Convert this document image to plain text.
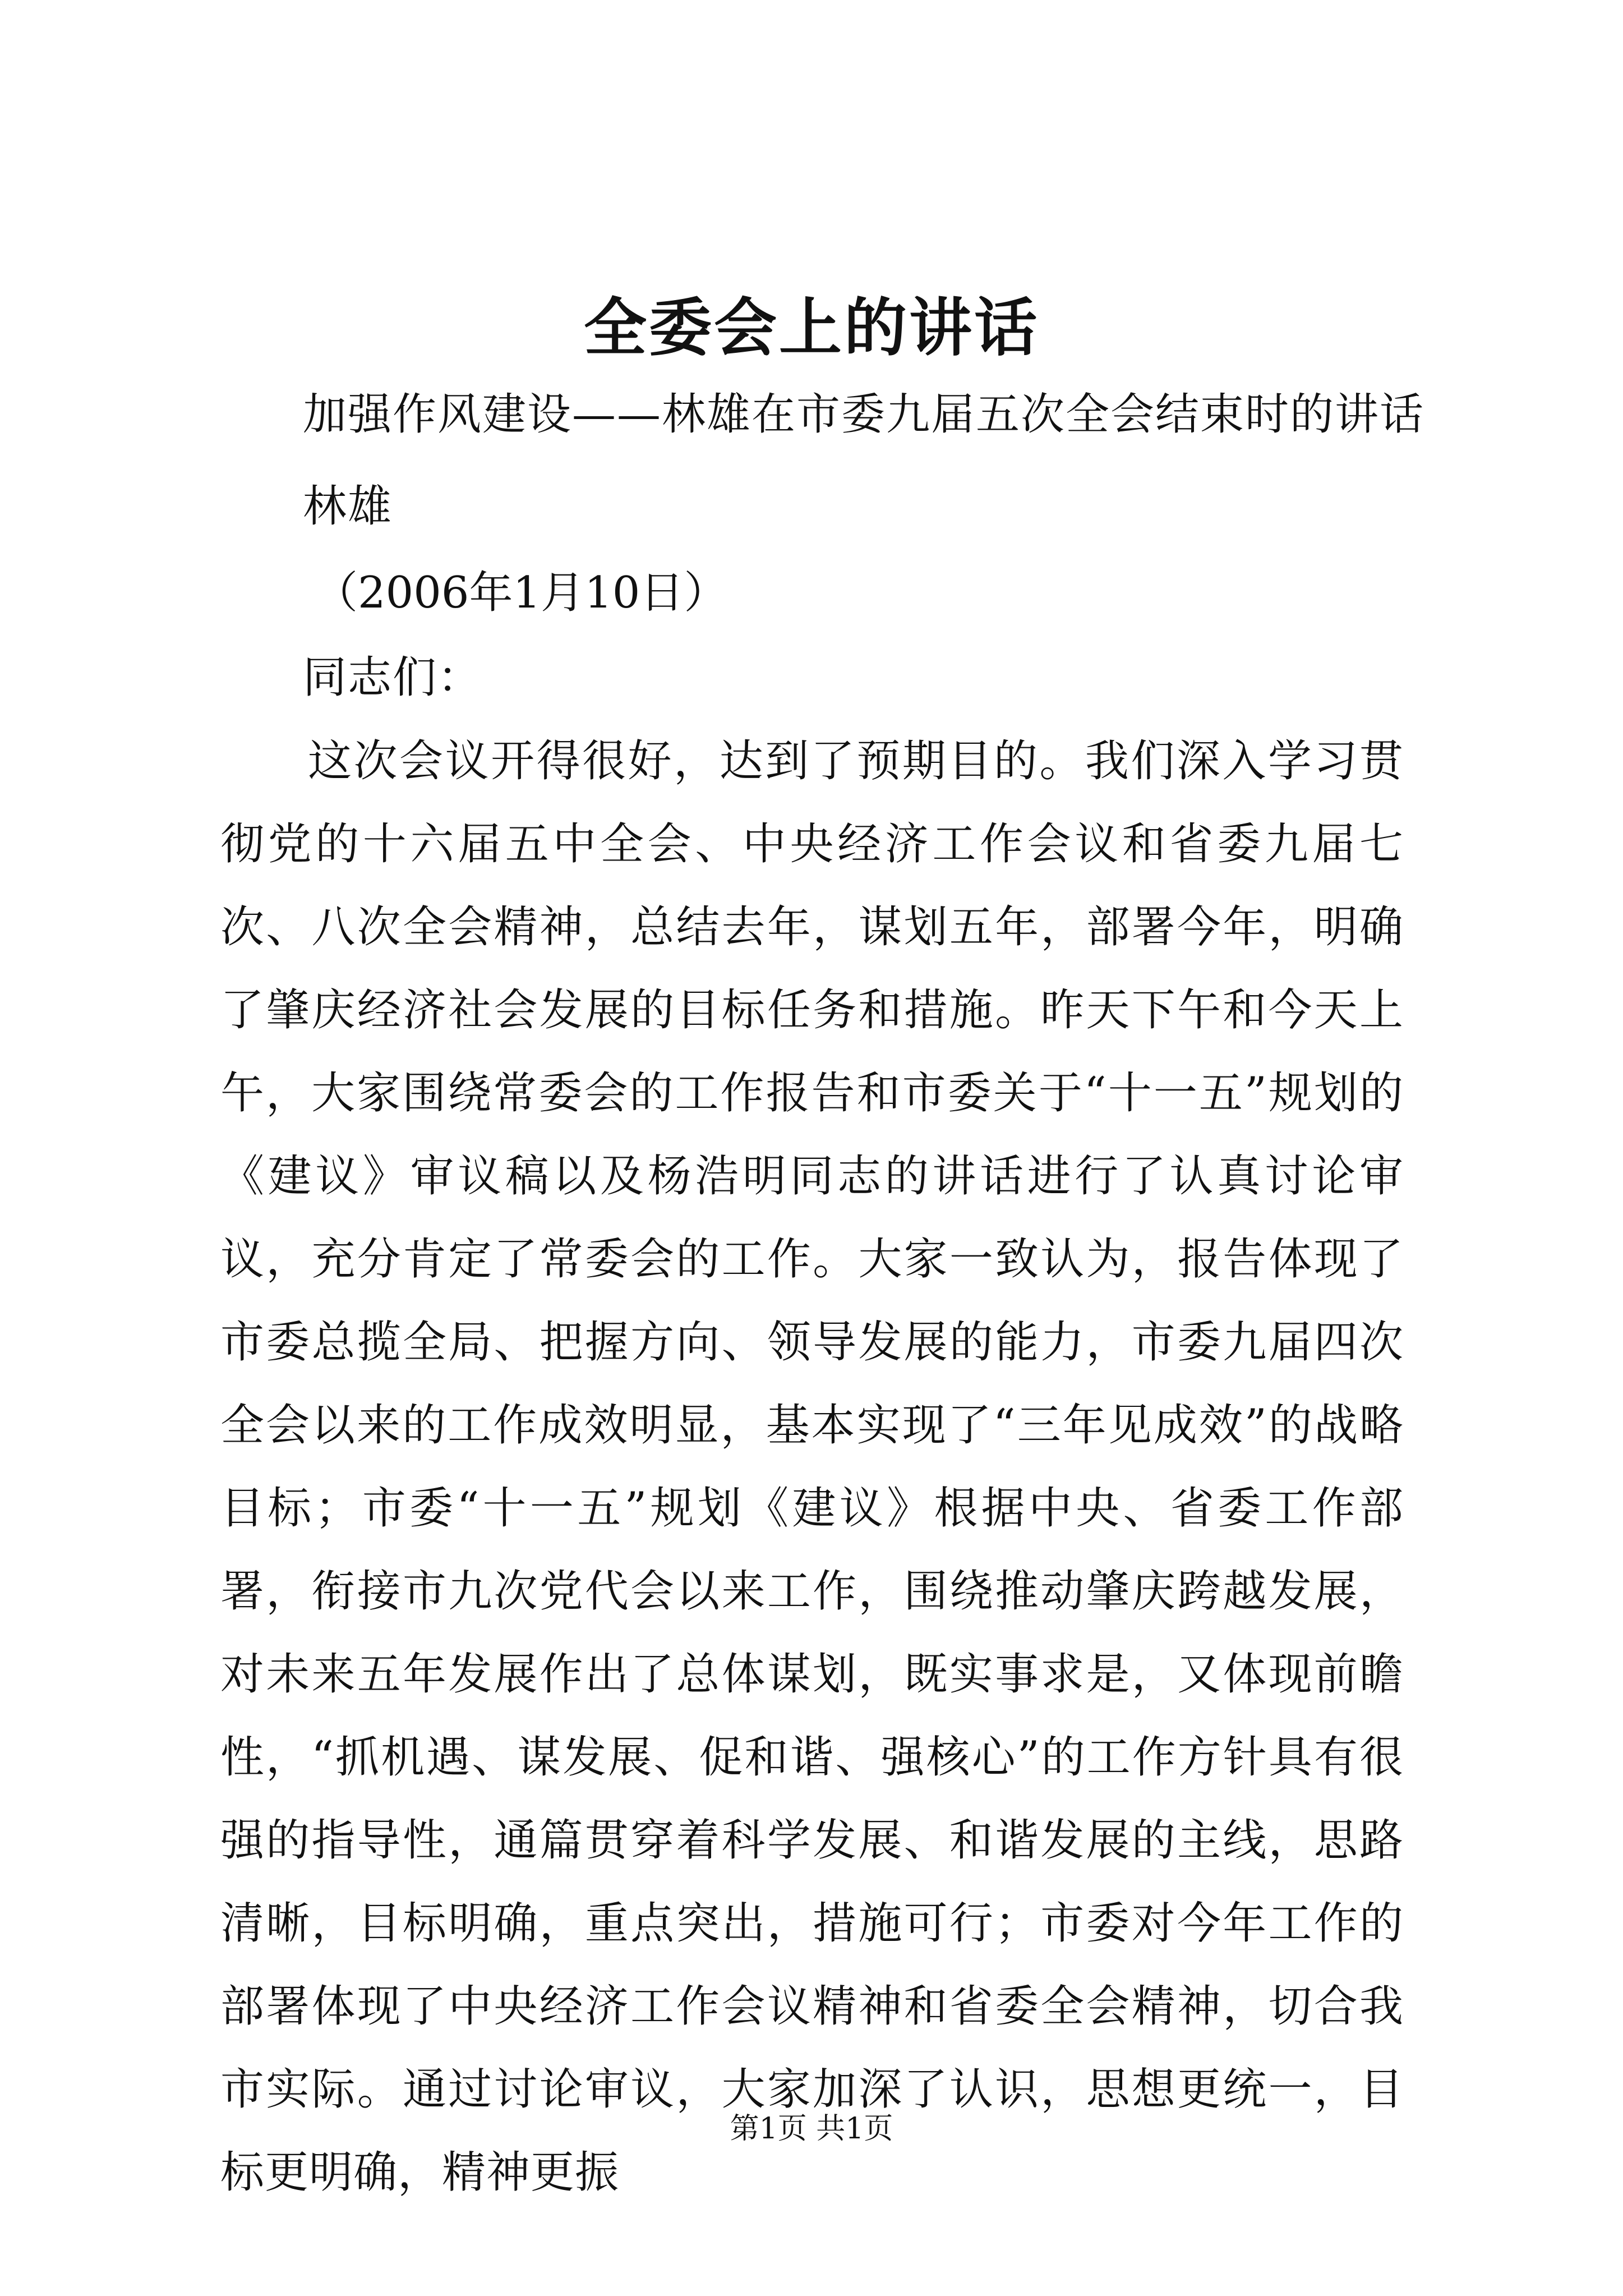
全委会上的讲话

加强作风建设——林雄在市委九届五次全会结束时的讲话

林雄

（2006年1月10日）

同志们：

这次会议开得很好，达到了预期目的。我们深入学习贯彻党的十六届五中全会、中央经济工作会议和省委九届七次、八次全会精神，总结去年，谋划五年，部署今年，明确了肇庆经济社会发展的目标任务和措施。昨天下午和今天上午，大家围绕常委会的工作报告和市委关于“十一五”规划的《建议》审议稿以及杨浩明同志的讲话进行了认真讨论审议，充分肯定了常委会的工作。大家一致认为，报告体现了市委总揽全局、把握方向、领导发展的能力，市委九届四次全会以来的工作成效明显，基本实现了“三年见成效”的战略目标；市委“十一五”规划《建议》根据中央、省委工作部署，衔接市九次党代会以来工作，围绕推动肇庆跨越发展，对未来五年发展作出了总体谋划，既实事求是，又体现前瞻性，“抓机遇、谋发展、促和谐、强核心”的工作方针具有很强的指导性，通篇贯穿着科学发展、和谐发展的主线，思路清晰，目标明确，重点突出，措施可行；市委对今年工作的部署体现了中央经济工作会议精神和省委全会精神，切合我市实际。通过讨论审议，大家加深了认识，思想更统一，目标更明确，精神更振

第1页 共1页
